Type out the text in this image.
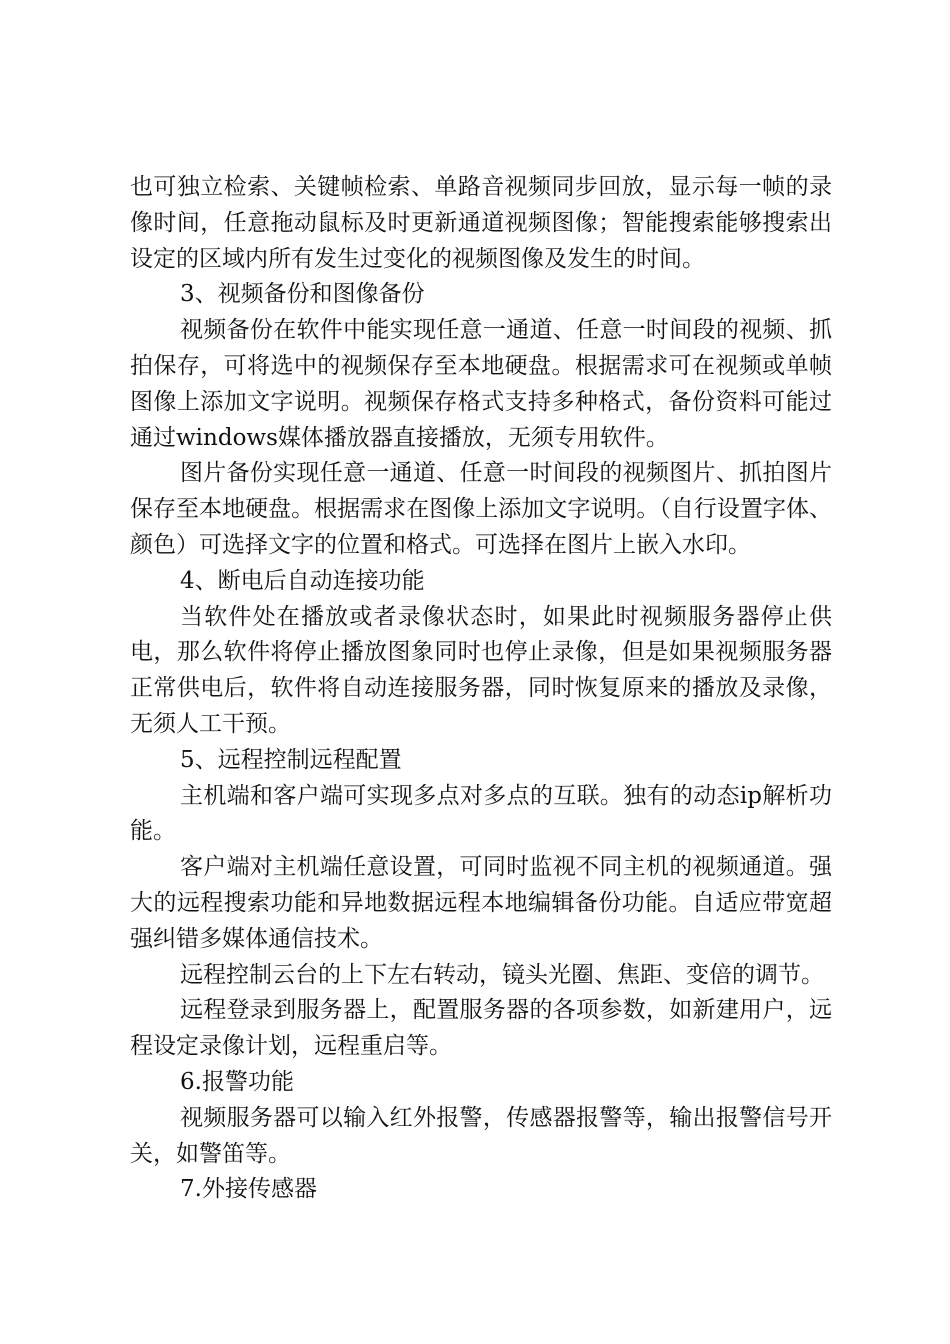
也可独立检索、关键帧检索、单路音视频同步回放，显示每一帧的录像时间，任意拖动鼠标及时更新通道视频图像；智能搜索能够搜索出设定的区域内所有发生过变化的视频图像及发生的时间。

3、视频备份和图像备份

视频备份在软件中能实现任意一通道、任意一时间段的视频、抓拍保存，可将选中的视频保存至本地硬盘。根据需求可在视频或单帧图像上添加文字说明。视频保存格式支持多种格式，备份资料可能过通过windows媒体播放器直接播放，无须专用软件。

图片备份实现任意一通道、任意一时间段的视频图片、抓拍图片保存至本地硬盘。根据需求在图像上添加文字说明。（自行设置字体、颜色）可选择文字的位置和格式。可选择在图片上嵌入水印。

4、断电后自动连接功能

当软件处在播放或者录像状态时，如果此时视频服务器停止供电，那么软件将停止播放图象同时也停止录像，但是如果视频服务器正常供电后，软件将自动连接服务器，同时恢复原来的播放及录像，无须人工干预。

5、远程控制远程配置

主机端和客户端可实现多点对多点的互联。独有的动态ip解析功能。

客户端对主机端任意设置，可同时监视不同主机的视频通道。强大的远程搜索功能和异地数据远程本地编辑备份功能。自适应带宽超强纠错多媒体通信技术。

远程控制云台的上下左右转动，镜头光圈、焦距、变倍的调节。

远程登录到服务器上，配置服务器的各项参数，如新建用户，远程设定录像计划，远程重启等。

6.报警功能

视频服务器可以输入红外报警，传感器报警等，输出报警信号开关，如警笛等。

7.外接传感器
